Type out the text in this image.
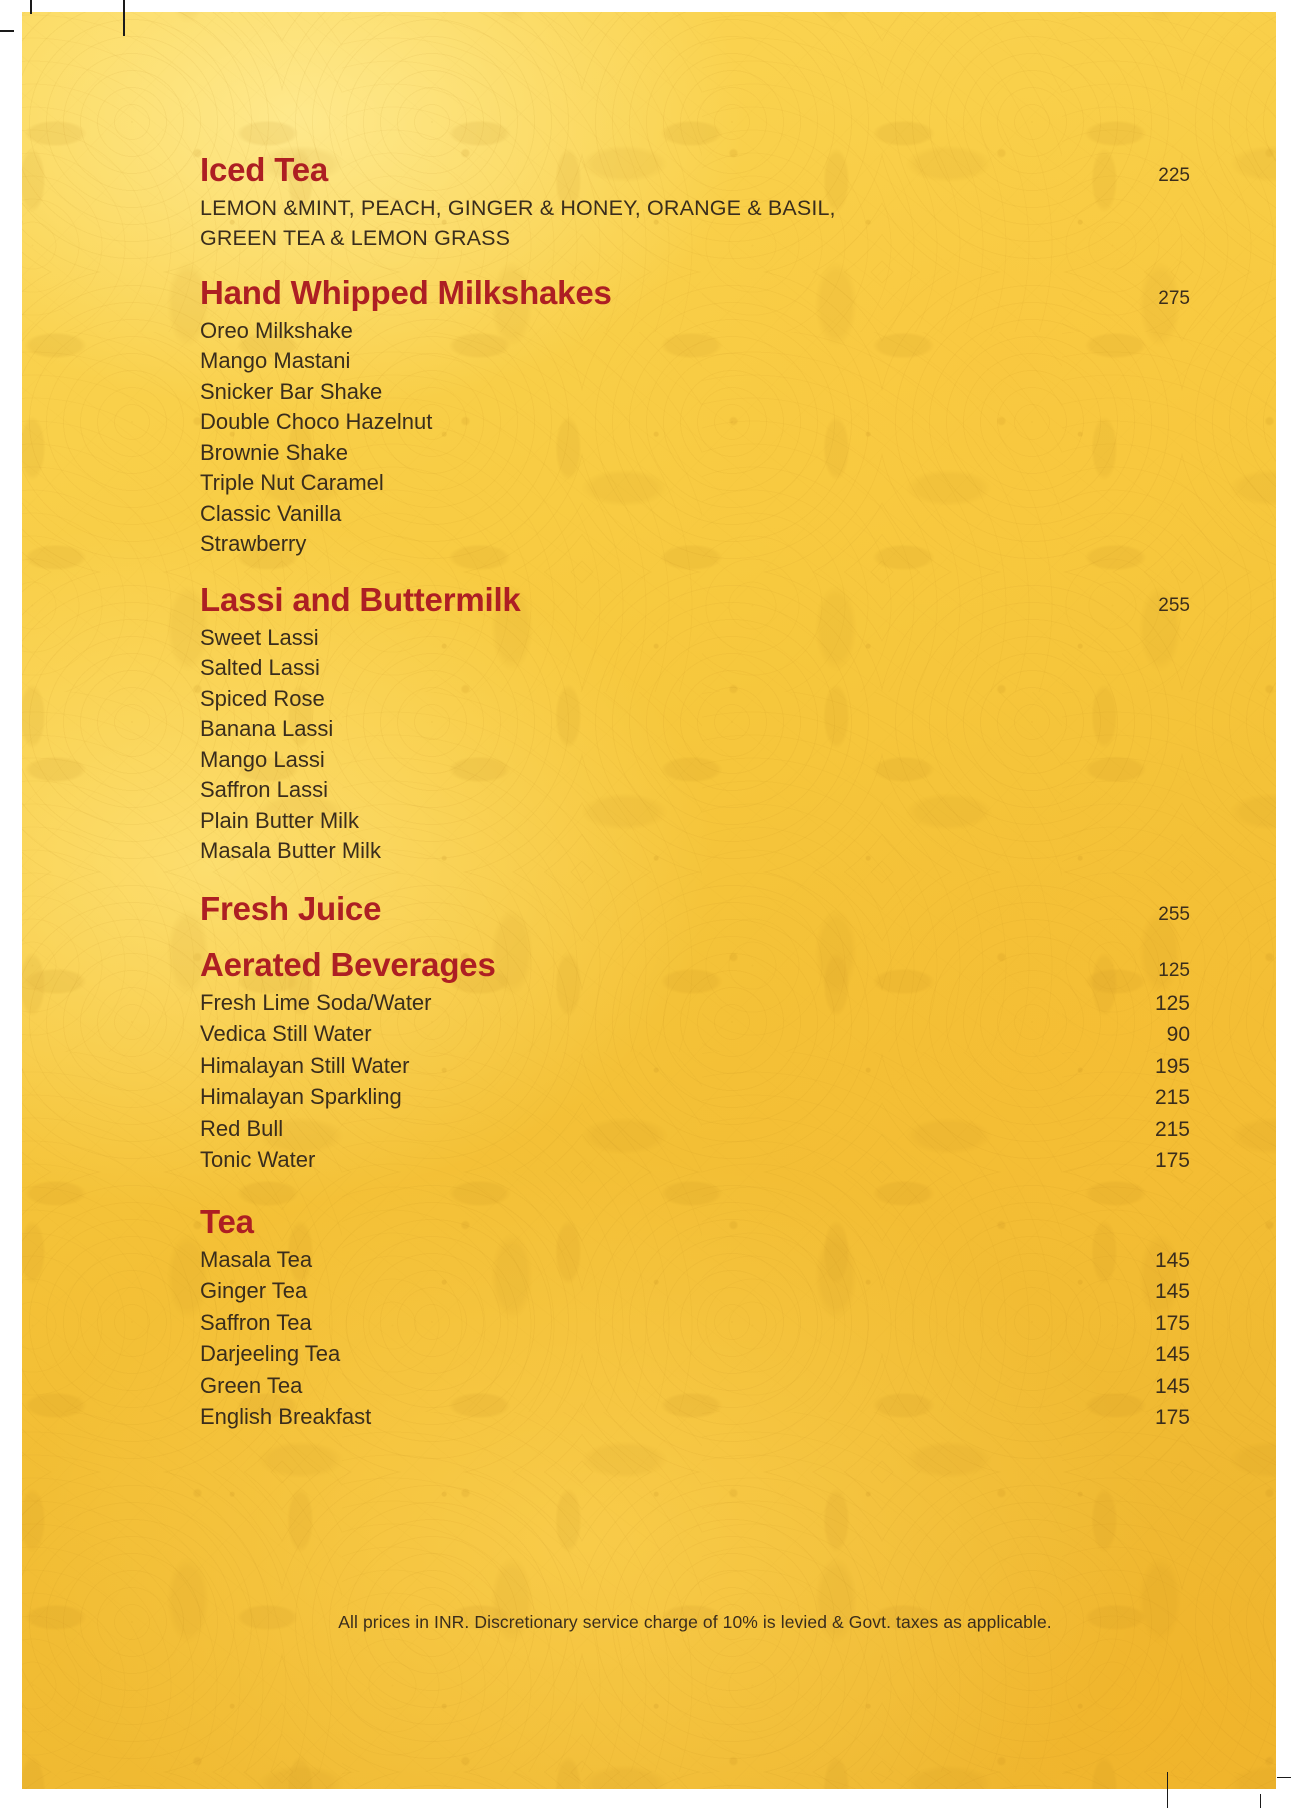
Iced Tea	225
LEMON &MINT, PEACH, GINGER & HONEY, ORANGE & BASIL,
GREEN TEA & LEMON GRASS
Hand Whipped Milkshakes	275
Oreo Milkshake
Mango Mastani
Snicker Bar Shake
Double Choco Hazelnut
Brownie Shake
Triple Nut Caramel
Classic Vanilla
Strawberry
Lassi and Buttermilk	255
Sweet Lassi
Salted Lassi
Spiced Rose
Banana Lassi
Mango Lassi
Saffron Lassi
Plain Butter Milk
Masala Butter Milk
Fresh Juice	255
Aerated Beverages	125
Fresh Lime Soda/Water	125
Vedica Still Water	90
Himalayan Still Water	195
Himalayan Sparkling	215
Red Bull	215
Tonic Water	175
Tea
Masala Tea	145
Ginger Tea	145
Saffron Tea	175
Darjeeling Tea	145
Green Tea	145
English Breakfast	175
All prices in INR. Discretionary service charge of 10% is levied & Govt. taxes as applicable.
